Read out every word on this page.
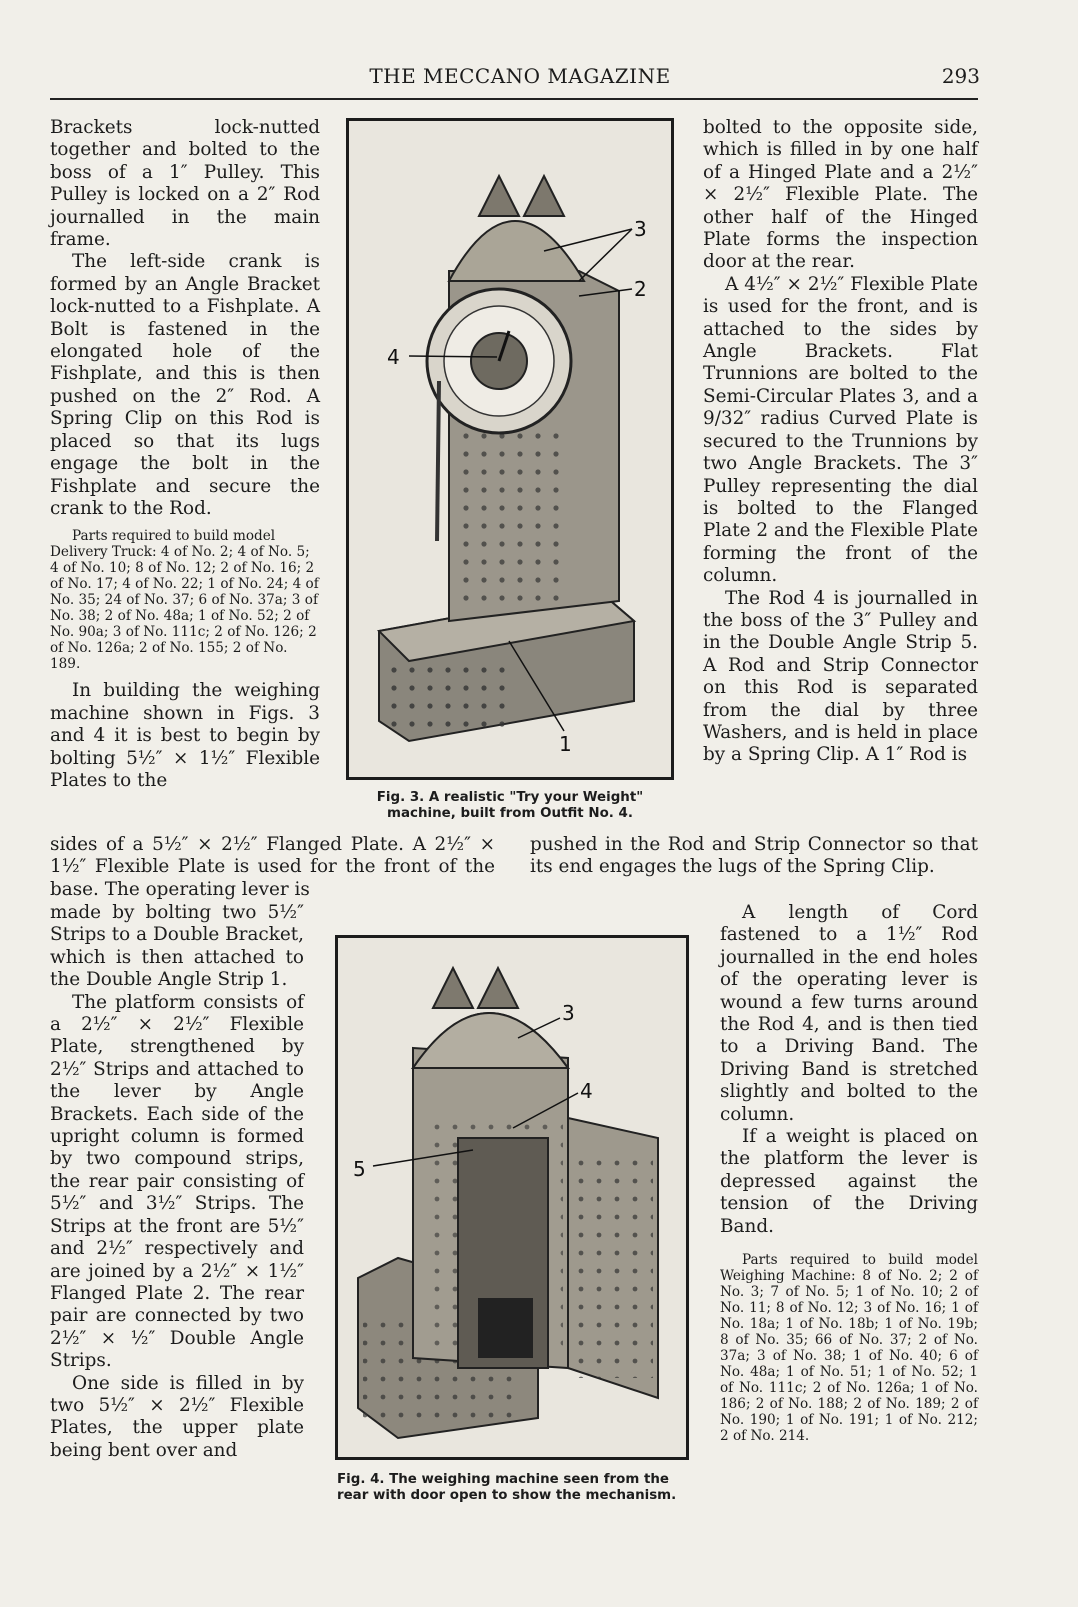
THE MECCANO MAGAZINE	293

Brackets lock-nutted together and bolted to the boss of a 1″ Pulley. This Pulley is locked on a 2″ Rod journalled in the main frame.

The left-side crank is formed by an Angle Bracket lock-nutted to a Fishplate. A Bolt is fastened in the elongated hole of the Fishplate, and this is then pushed on the 2″ Rod. A Spring Clip on this Rod is placed so that its lugs engage the bolt in the Fishplate and secure the crank to the Rod.

Parts required to build model Delivery Truck: 4 of No. 2; 4 of No. 5; 4 of No. 10; 8 of No. 12; 2 of No. 16; 2 of No. 17; 4 of No. 22; 1 of No. 24; 4 of No. 35; 24 of No. 37; 6 of No. 37a; 3 of No. 38; 2 of No. 48a; 1 of No. 52; 2 of No. 90a; 3 of No. 111c; 2 of No. 126; 2 of No. 126a; 2 of No. 155; 2 of No. 189.

In building the weighing machine shown in Figs. 3 and 4 it is best to begin by bolting 5½″ × 1½″ Flexible Plates to the

3
2
4
1
Fig. 3. A realistic "Try your Weight" machine, built from Outfit No. 4.

bolted to the opposite side, which is filled in by one half of a Hinged Plate and a 2½″ × 2½″ Flexible Plate. The other half of the Hinged Plate forms the inspection door at the rear.

A 4½″ × 2½″ Flexible Plate is used for the front, and is attached to the sides by Angle Brackets. Flat Trunnions are bolted to the Semi-Circular Plates 3, and a 9/32″ radius Curved Plate is secured to the Trunnions by two Angle Brackets. The 3″ Pulley representing the dial is bolted to the Flanged Plate 2 and the Flexible Plate forming the front of the column.

The Rod 4 is journalled in the boss of the 3″ Pulley and in the Double Angle Strip 5. A Rod and Strip Connector on this Rod is separated from the dial by three Washers, and is held in place by a Spring Clip. A 1″ Rod is

sides of a 5½″ × 2½″ Flanged Plate. A 2½″ × 1½″ Flexible Plate is used for the front of the base. The operating lever is
pushed in the Rod and Strip Connector so that its end engages the lugs of the Spring Clip.

made by bolting two 5½″ Strips to a Double Bracket, which is then attached to the Double Angle Strip 1.

The platform consists of a 2½″ × 2½″ Flexible Plate, strengthened by 2½″ Strips and attached to the lever by Angle Brackets. Each side of the upright column is formed by two compound strips, the rear pair consisting of 5½″ and 3½″ Strips. The Strips at the front are 5½″ and 2½″ respectively and are joined by a 2½″ × 1½″ Flanged Plate 2. The rear pair are connected by two 2½″ × ½″ Double Angle Strips.

One side is filled in by two 5½″ × 2½″ Flexible Plates, the upper plate being bent over and

3
4
5
Fig. 4. The weighing machine seen from the rear with door open to show the mechanism.

A length of Cord fastened to a 1½″ Rod journalled in the end holes of the operating lever is wound a few turns around the Rod 4, and is then tied to a Driving Band. The Driving Band is stretched slightly and bolted to the column.

If a weight is placed on the platform the lever is depressed against the tension of the Driving Band.

Parts required to build model Weighing Machine: 8 of No. 2; 2 of No. 3; 7 of No. 5; 1 of No. 10; 2 of No. 11; 8 of No. 12; 3 of No. 16; 1 of No. 18a; 1 of No. 18b; 1 of No. 19b; 8 of No. 35; 66 of No. 37; 2 of No. 37a; 3 of No. 38; 1 of No. 40; 6 of No. 48a; 1 of No. 51; 1 of No. 52; 1 of No. 111c; 2 of No. 126a; 1 of No. 186; 2 of No. 188; 2 of No. 189; 2 of No. 190; 1 of No. 191; 1 of No. 212; 2 of No. 214.
